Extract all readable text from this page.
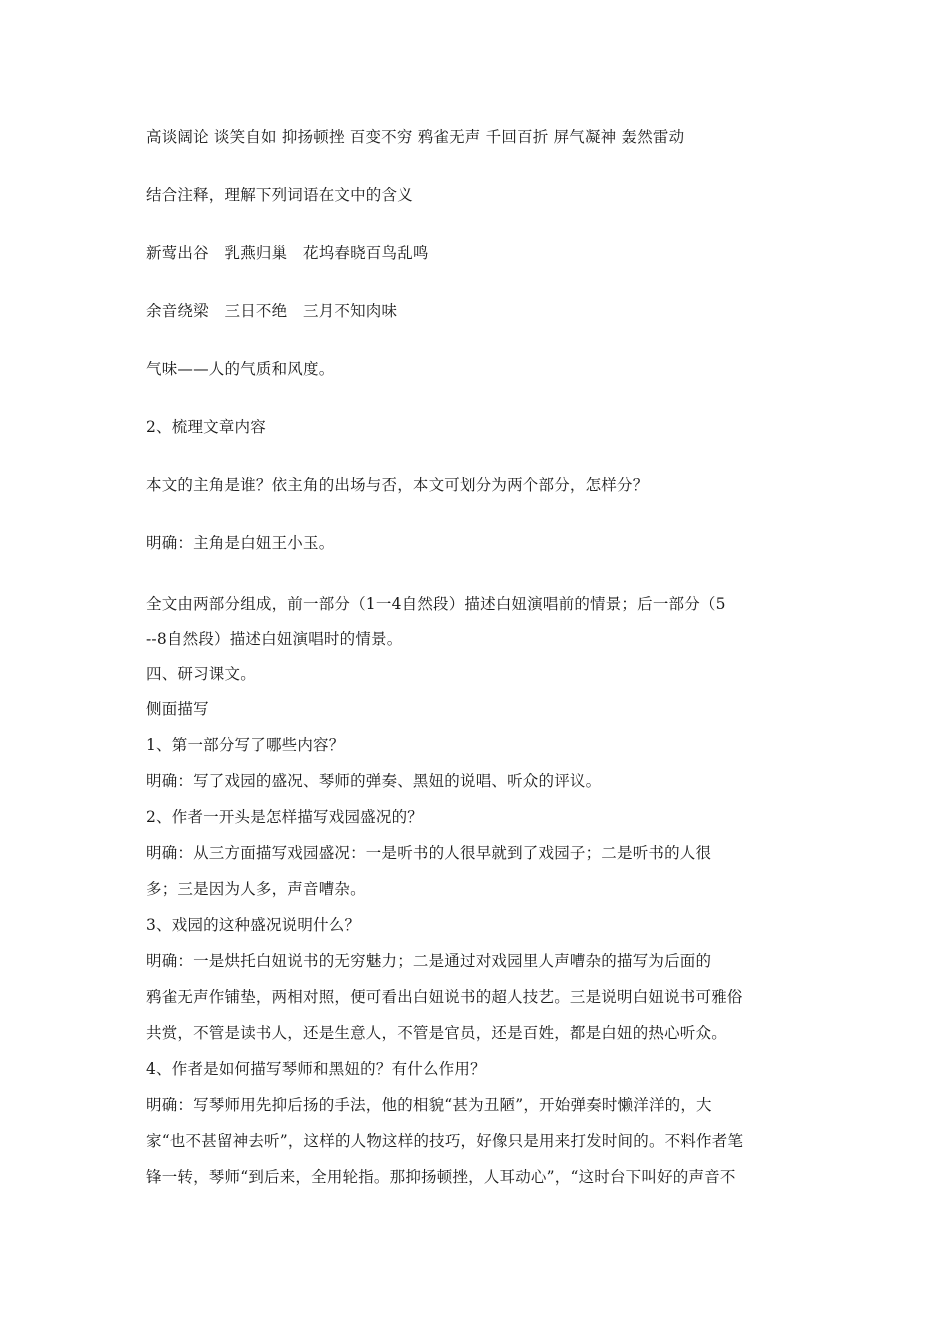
高谈阔论 谈笑自如 抑扬顿挫 百变不穷 鸦雀无声 千回百折 屏气凝神 轰然雷动
结合注释，理解下列词语在文中的含义
新莺出谷　乳燕归巢　花坞春晓百鸟乱鸣
余音绕梁　三日不绝　三月不知肉味
气味——人的气质和风度。
2、梳理文章内容
本文的主角是谁？依主角的出场与否，本文可划分为两个部分，怎样分？
明确：主角是白妞王小玉。
全文由两部分组成，前一部分（1一4自然段）描述白妞演唱前的情景；后一部分（5
--8自然段）描述白妞演唱时的情景。
四、研习课文。
侧面描写
1、第一部分写了哪些内容？
明确：写了戏园的盛况、琴师的弹奏、黑妞的说唱、听众的评议。
2、作者一开头是怎样描写戏园盛况的？
明确：从三方面描写戏园盛况：一是听书的人很早就到了戏园子；二是听书的人很
多；三是因为人多，声音嘈杂。
3、戏园的这种盛况说明什么？
明确：一是烘托白妞说书的无穷魅力；二是通过对戏园里人声嘈杂的描写为后面的
鸦雀无声作铺垫，两相对照，便可看出白妞说书的超人技艺。三是说明白妞说书可雅俗
共赏，不管是读书人，还是生意人，不管是官员，还是百姓，都是白妞的热心听众。
4、作者是如何描写琴师和黑妞的？有什么作用？
明确：写琴师用先抑后扬的手法，他的相貌“甚为丑陋”，开始弹奏时懒洋洋的，大
家“也不甚留神去听”，这样的人物这样的技巧，好像只是用来打发时间的。不料作者笔
锋一转，琴师“到后来，全用轮指。那抑扬顿挫，人耳动心”，“这时台下叫好的声音不
